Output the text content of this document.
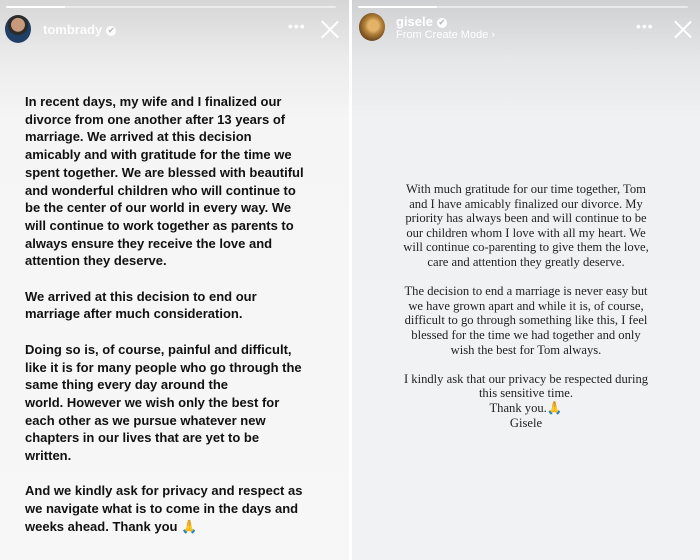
tombrady ✔	•••
In recent days, my wife and I finalized our
divorce from one another after 13 years of
marriage. We arrived at this decision
amicably and with gratitude for the time we
spent together. We are blessed with beautiful
and wonderful children who will continue to
be the center of our world in every way. We
will continue to work together as parents to
always ensure they receive the love and
attention they deserve.
We arrived at this decision to end our
marriage after much consideration.
Doing so is, of course, painful and difficult,
like it is for many people who go through the
same thing every day around the
world. However we wish only the best for
each other as we pursue whatever new
chapters in our lives that are yet to be
written.
And we kindly ask for privacy and respect as
we navigate what is to come in the days and
weeks ahead. Thank you 🙏
gisele ✔
From Create Mode ›
•••
With much gratitude for our time together, Tom
and I have amicably finalized our divorce. My
priority has always been and will continue to be
our children whom I love with all my heart. We
will continue co-parenting to give them the love,
care and attention they greatly deserve.
The decision to end a marriage is never easy but
we have grown apart and while it is, of course,
difficult to go through something like this, I feel
blessed for the time we had together and only
wish the best for Tom always.
I kindly ask that our privacy be respected during
this sensitive time.
Thank you.🙏
Gisele
